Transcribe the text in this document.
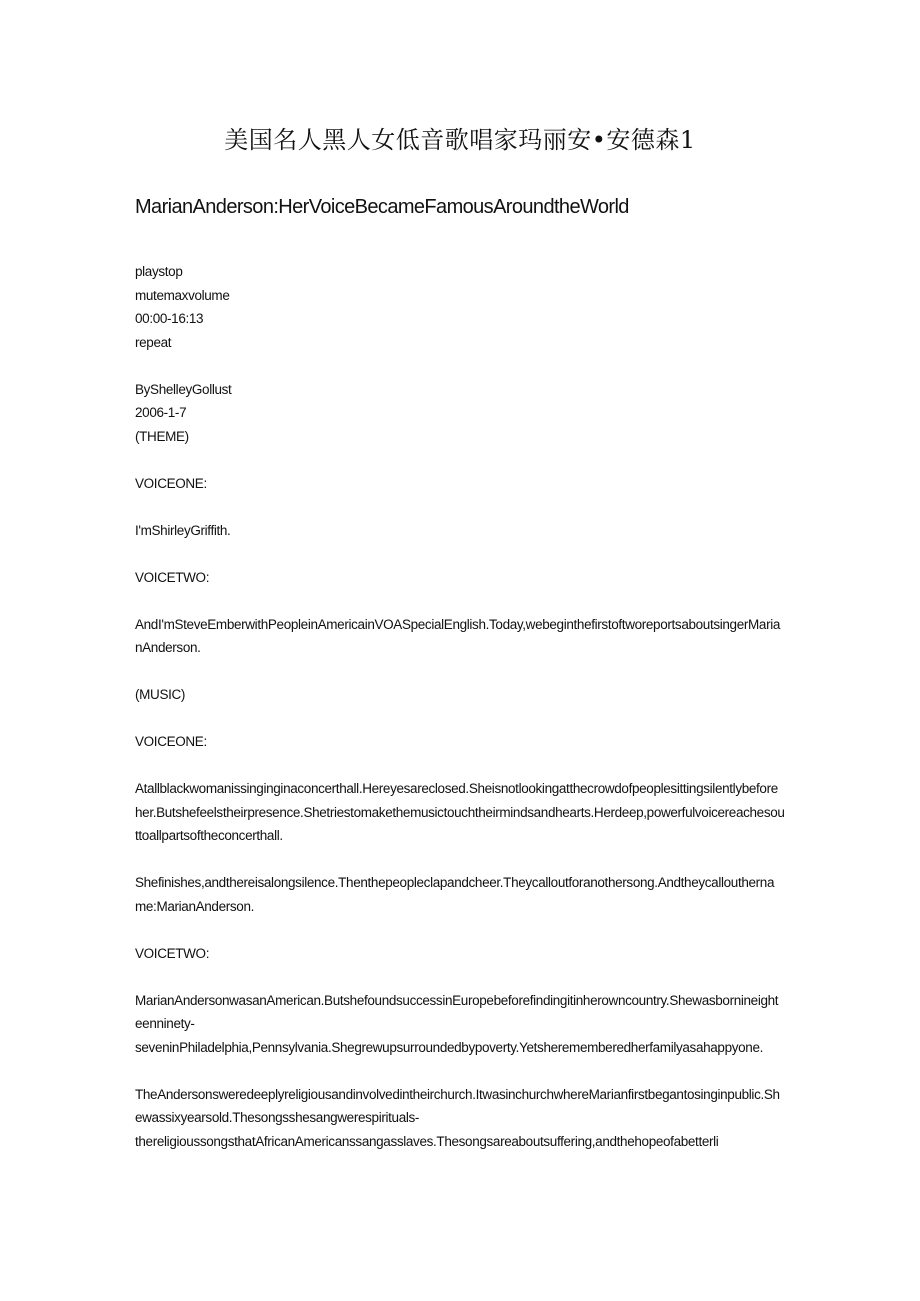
美国名人黑人女低音歌唱家玛丽安•安德森1
MarianAnderson:HerVoiceBecameFamousAroundtheWorld
playstop
mutemaxvolume
00:00-16:13
repeat
ByShelleyGollust
2006-1-7
(THEME)
VOICEONE:
I'mShirleyGriffith.
VOICETWO:
AndI'mSteveEmberwithPeopleinAmericainVOASpecialEnglish.Today,webeginthefirstoftworeportsaboutsingerMarianAnderson.
(MUSIC)
VOICEONE:
Atallblackwomanissinginginaconcerthall.Hereyesareclosed.Sheisnotlookingatthecrowdofpeoplesittingsilentlybeforeher.Butshefeelstheirpresence.Shetriestomakethemusictouchtheirmindsandhearts.Herdeep,powerfulvoicereachesouttoallpartsoftheconcerthall.
Shefinishes,andthereisalongsilence.Thenthepeopleclapandcheer.Theycalloutforanothersong.Andtheycallouthername:MarianAnderson.
VOICETWO:
MarianAndersonwasanAmerican.ButshefoundsuccessinEuropebeforefindingitinherowncountry.Shewasbornineighteenninety-
seveninPhiladelphia,Pennsylvania.Shegrewupsurroundedbypoverty.Yetsherememberedherfamilyasahappyone.
TheAndersonsweredeeplyreligiousandinvolvedintheirchurch.ItwasinchurchwhereMarianfirstbegantosinginpublic.Shewassixyearsold.Thesongsshesangwerespirituals-
thereligioussongsthatAfricanAmericanssangasslaves.Thesongsareaboutsuffering,andthehopeofabetterli
